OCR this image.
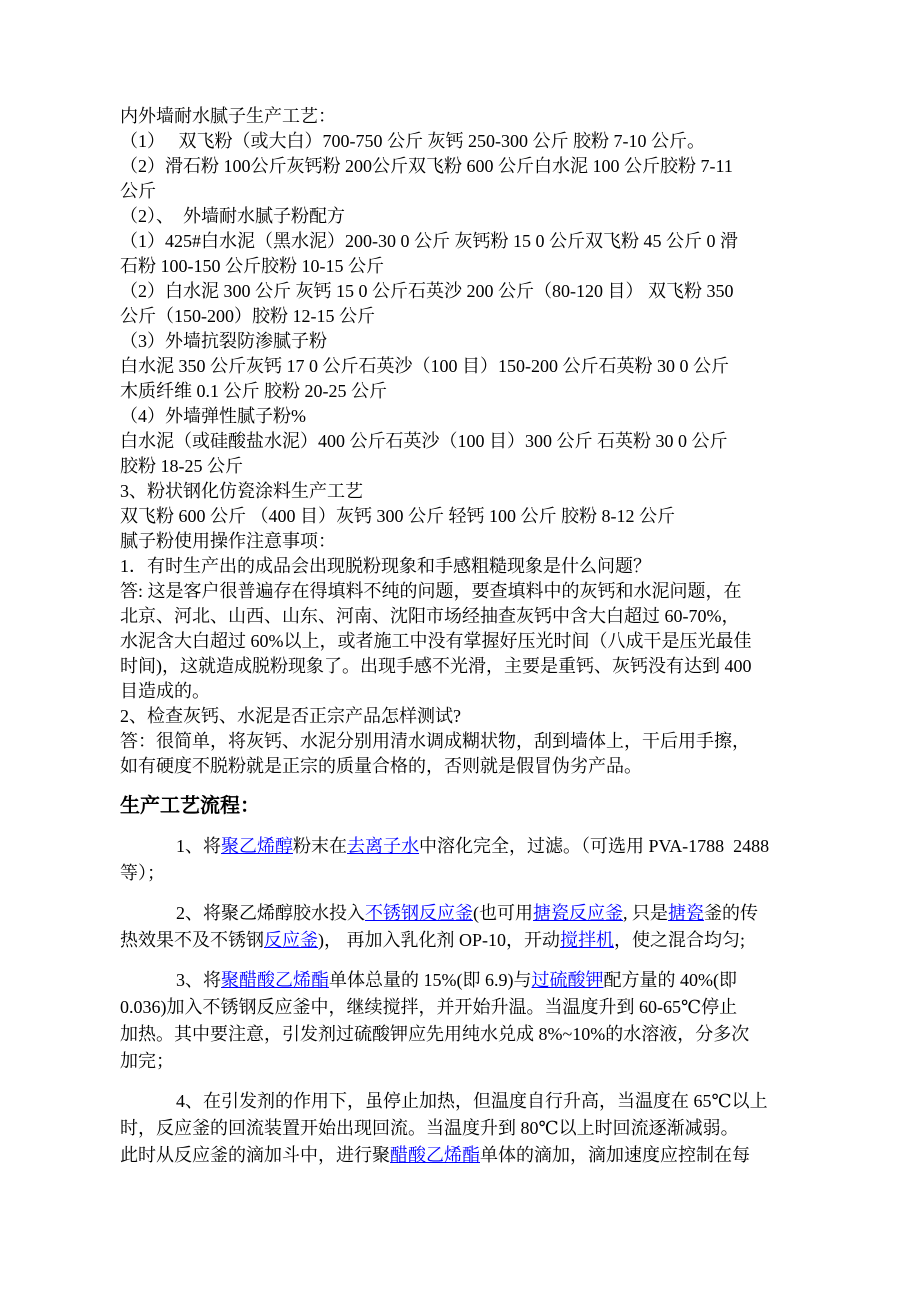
内外墙耐水腻子生产工艺：
（1）　 双飞粉（或大白）700-750 公斤 灰钙 250-300 公斤 胶粉 7-10 公斤。
（2）滑石粉 100公斤灰钙粉 200公斤双飞粉 600 公斤白水泥 100 公斤胶粉 7-11
公斤
（2）、　外墙耐水腻子粉配方
（1）425#白水泥（黑水泥）200-30 0 公斤 灰钙粉 15 0 公斤双飞粉 45 公斤 0 滑
石粉 100-150 公斤胶粉 10-15 公斤
（2）白水泥 300 公斤 灰钙 15 0 公斤石英沙 200 公斤（80-120 目） 双飞粉 350
公斤（150-200）胶粉 12-15 公斤
（3）外墙抗裂防渗腻子粉
白水泥 350 公斤灰钙 17 0 公斤石英沙（100 目）150-200 公斤石英粉 30 0 公斤
木质纤维 0.1 公斤 胶粉 20-25 公斤
（4）外墙弹性腻子粉%
白水泥（或硅酸盐水泥）400 公斤石英沙（100 目）300 公斤 石英粉 30 0 公斤
胶粉 18-25 公斤
3、粉状钢化仿瓷涂料生产工艺
双飞粉 600 公斤 （400 目）灰钙 300 公斤 轻钙 100 公斤 胶粉 8-12 公斤
腻子粉使用操作注意事项：
1．有时生产出的成品会出现脱粉现象和手感粗糙现象是什么问题？
答: 这是客户很普遍存在得填料不纯的问题，要查填料中的灰钙和水泥问题，在
北京、河北、山西、山东、河南、沈阳市场经抽查灰钙中含大白超过 60-70%，
水泥含大白超过 60%以上，或者施工中没有掌握好压光时间（八成干是压光最佳
时间)，这就造成脱粉现象了。出现手感不光滑，主要是重钙、灰钙没有达到 400
目造成的。
2、检查灰钙、水泥是否正宗产品怎样测试?
答：很简单，将灰钙、水泥分别用清水调成糊状物，刮到墙体上，干后用手擦，
如有硬度不脱粉就是正宗的质量合格的，否则就是假冒伪劣产品。
生产工艺流程：
1、将聚乙烯醇粉末在去离子水中溶化完全，过滤。（可选用 PVA-1788  2488
等）；
2、将聚乙烯醇胶水投入不锈钢反应釜(也可用搪瓷反应釜, 只是搪瓷釜的传
热效果不及不锈钢反应釜)， 再加入乳化剂 OP-10，开动搅拌机，使之混合均匀;
3、将聚醋酸乙烯酯单体总量的 15%(即 6.9)与过硫酸钾配方量的 40%(即
0.036)加入不锈钢反应釜中，继续搅拌，并开始升温。当温度升到 60-65℃停止
加热。其中要注意，引发剂过硫酸钾应先用纯水兑成 8%~10%的水溶液，分多次
加完；
4、在引发剂的作用下，虽停止加热，但温度自行升高，当温度在 65℃以上
时，反应釜的回流装置开始出现回流。当温度升到 80℃以上时回流逐渐减弱。
此时从反应釜的滴加斗中，进行聚醋酸乙烯酯单体的滴加，滴加速度应控制在每
